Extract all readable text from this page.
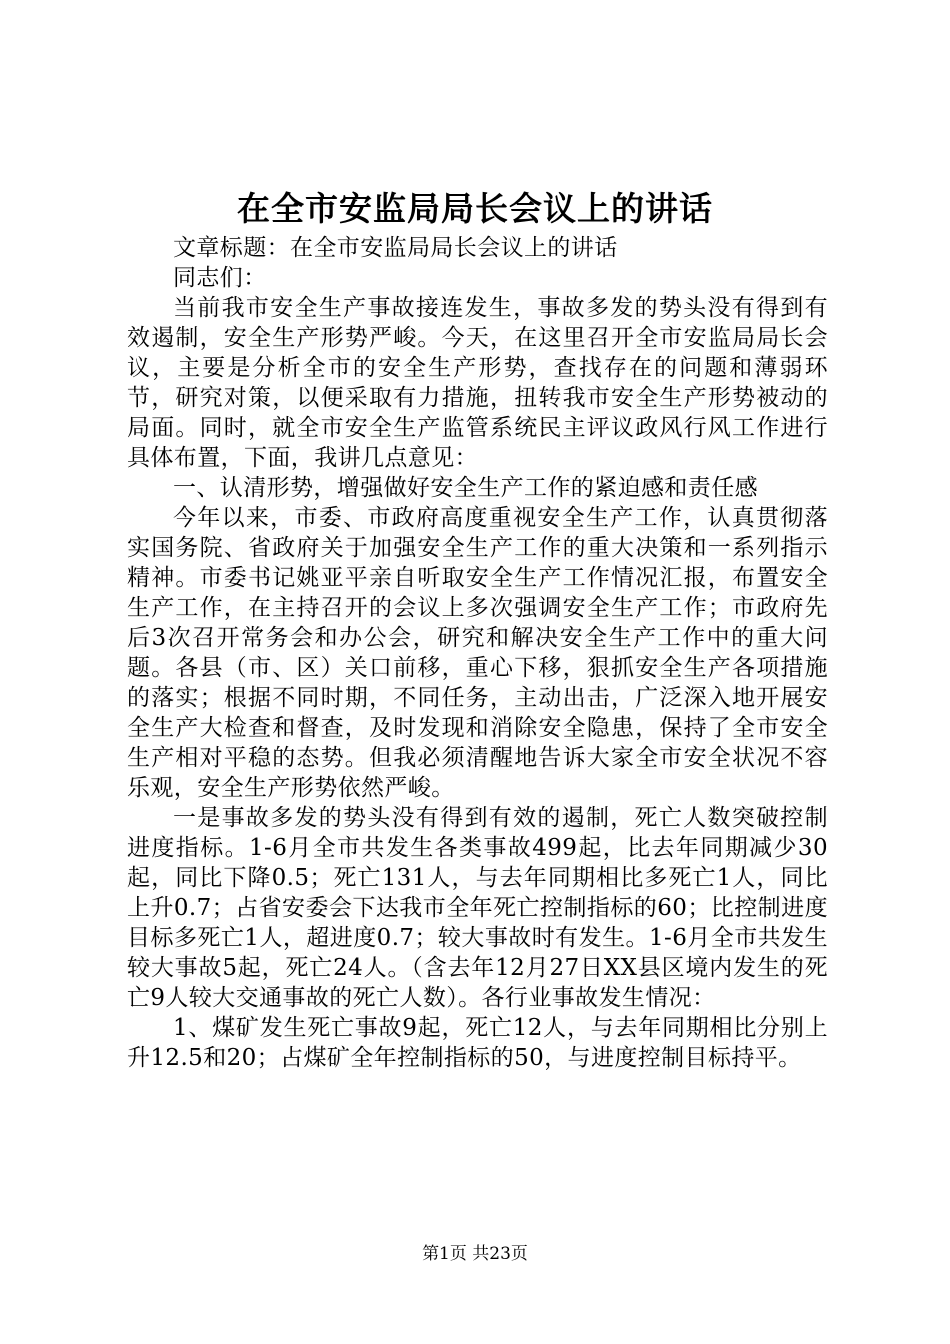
在全市安监局局长会议上的讲话

文章标题：在全市安监局局长会议上的讲话

同志们：

当前我市安全生产事故接连发生，事故多发的势头没有得到有效遏制，安全生产形势严峻。今天，在这里召开全市安监局局长会议，主要是分析全市的安全生产形势，查找存在的问题和薄弱环节，研究对策，以便采取有力措施，扭转我市安全生产形势被动的局面。同时，就全市安全生产监管系统民主评议政风行风工作进行具体布置，下面，我讲几点意见：

一、认清形势，增强做好安全生产工作的紧迫感和责任感

今年以来，市委、市政府高度重视安全生产工作，认真贯彻落实国务院、省政府关于加强安全生产工作的重大决策和一系列指示精神。市委书记姚亚平亲自听取安全生产工作情况汇报，布置安全生产工作，在主持召开的会议上多次强调安全生产工作；市政府先后3次召开常务会和办公会，研究和解决安全生产工作中的重大问题。各县（市、区）关口前移，重心下移，狠抓安全生产各项措施的落实；根据不同时期，不同任务，主动出击，广泛深入地开展安全生产大检查和督查，及时发现和消除安全隐患，保持了全市安全生产相对平稳的态势。但我必须清醒地告诉大家全市安全状况不容乐观，安全生产形势依然严峻。

一是事故多发的势头没有得到有效的遏制，死亡人数突破控制进度指标。1-6月全市共发生各类事故499起，比去年同期减少30起，同比下降0.5；死亡131人，与去年同期相比多死亡1人，同比上升0.7；占省安委会下达我市全年死亡控制指标的60；比控制进度目标多死亡1人，超进度0.7；较大事故时有发生。1-6月全市共发生较大事故5起，死亡24人。（含去年12月27日XX县区境内发生的死亡9人较大交通事故的死亡人数）。各行业事故发生情况：

1、煤矿发生死亡事故9起，死亡12人，与去年同期相比分别上升12.5和20；占煤矿全年控制指标的50，与进度控制目标持平。

第1页 共23页
